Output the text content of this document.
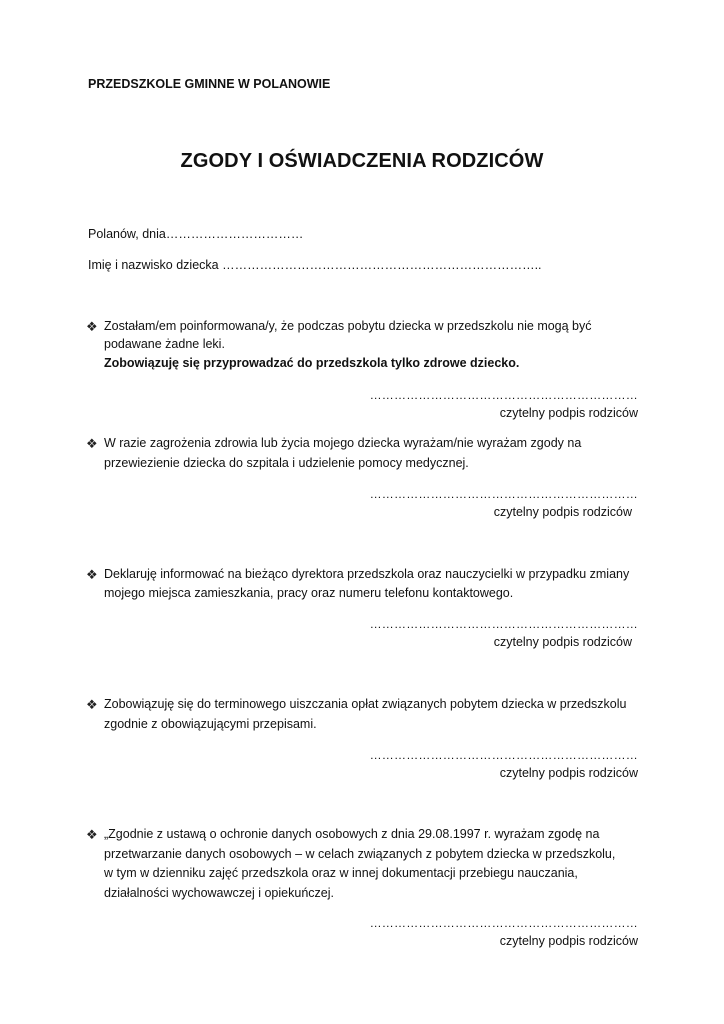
PRZEDSZKOLE GMINNE W POLANOWIE
ZGODY I OŚWIADCZENIA RODZICÓW
Polanów, dnia……………………………
Imię i nazwisko dziecka …………………………………………………………………..
❖ Zostałam/em poinformowana/y, że podczas pobytu dziecka w przedszkolu nie mogą być
podawane żadne leki.
Zobowiązuję się przyprowadzać do przedszkola tylko zdrowe dziecko.
…………………………………………………………
czytelny podpis rodziców
❖ W razie zagrożenia zdrowia lub życia mojego dziecka wyrażam/nie wyrażam zgody na
przewiezienie dziecka do szpitala i udzielenie pomocy medycznej.
…………………………………………………………
czytelny podpis rodziców
❖ Deklaruję informować na bieżąco dyrektora przedszkola oraz nauczycielki w przypadku zmiany
mojego miejsca zamieszkania, pracy oraz numeru telefonu kontaktowego.
…………………………………………………………
czytelny podpis rodziców
❖ Zobowiązuję się do terminowego uiszczania opłat związanych pobytem dziecka w przedszkolu
zgodnie z obowiązującymi przepisami.
…………………………………………………………
czytelny podpis rodziców
❖ „Zgodnie z ustawą o ochronie danych osobowych z dnia 29.08.1997 r. wyrażam zgodę na
przetwarzanie danych osobowych – w celach związanych z pobytem dziecka w przedszkolu,
w tym w dzienniku zajęć przedszkola oraz w innej dokumentacji przebiegu nauczania,
działalności wychowawczej i opiekuńczej.
…………………………………………………………
czytelny podpis rodziców
